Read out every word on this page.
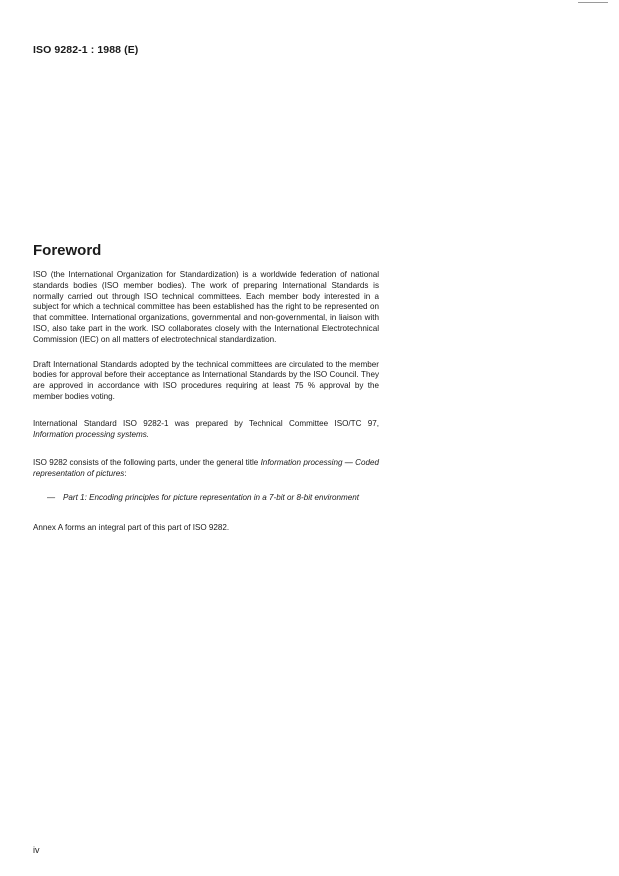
ISO 9282-1 : 1988 (E)
Foreword

ISO (the International Organization for Standardization) is a worldwide federation of national standards bodies (ISO member bodies). The work of preparing International Standards is normally carried out through ISO technical committees. Each member body interested in a subject for which a technical committee has been established has the right to be represented on that committee. International organizations, governmental and non-governmental, in liaison with ISO, also take part in the work. ISO collaborates closely with the International Electrotechnical Commission (IEC) on all matters of electrotechnical standardization.

Draft International Standards adopted by the technical committees are circulated to the member bodies for approval before their acceptance as International Standards by the ISO Council. They are approved in accordance with ISO procedures requiring at least 75 % approval by the member bodies voting.

International Standard ISO 9282-1 was prepared by Technical Committee ISO/TC 97, Information processing systems.

ISO 9282 consists of the following parts, under the general title Information processing — Coded representation of pictures:

— Part 1: Encoding principles for picture representation in a 7-bit or 8-bit environment

Annex A forms an integral part of this part of ISO 9282.

iv
